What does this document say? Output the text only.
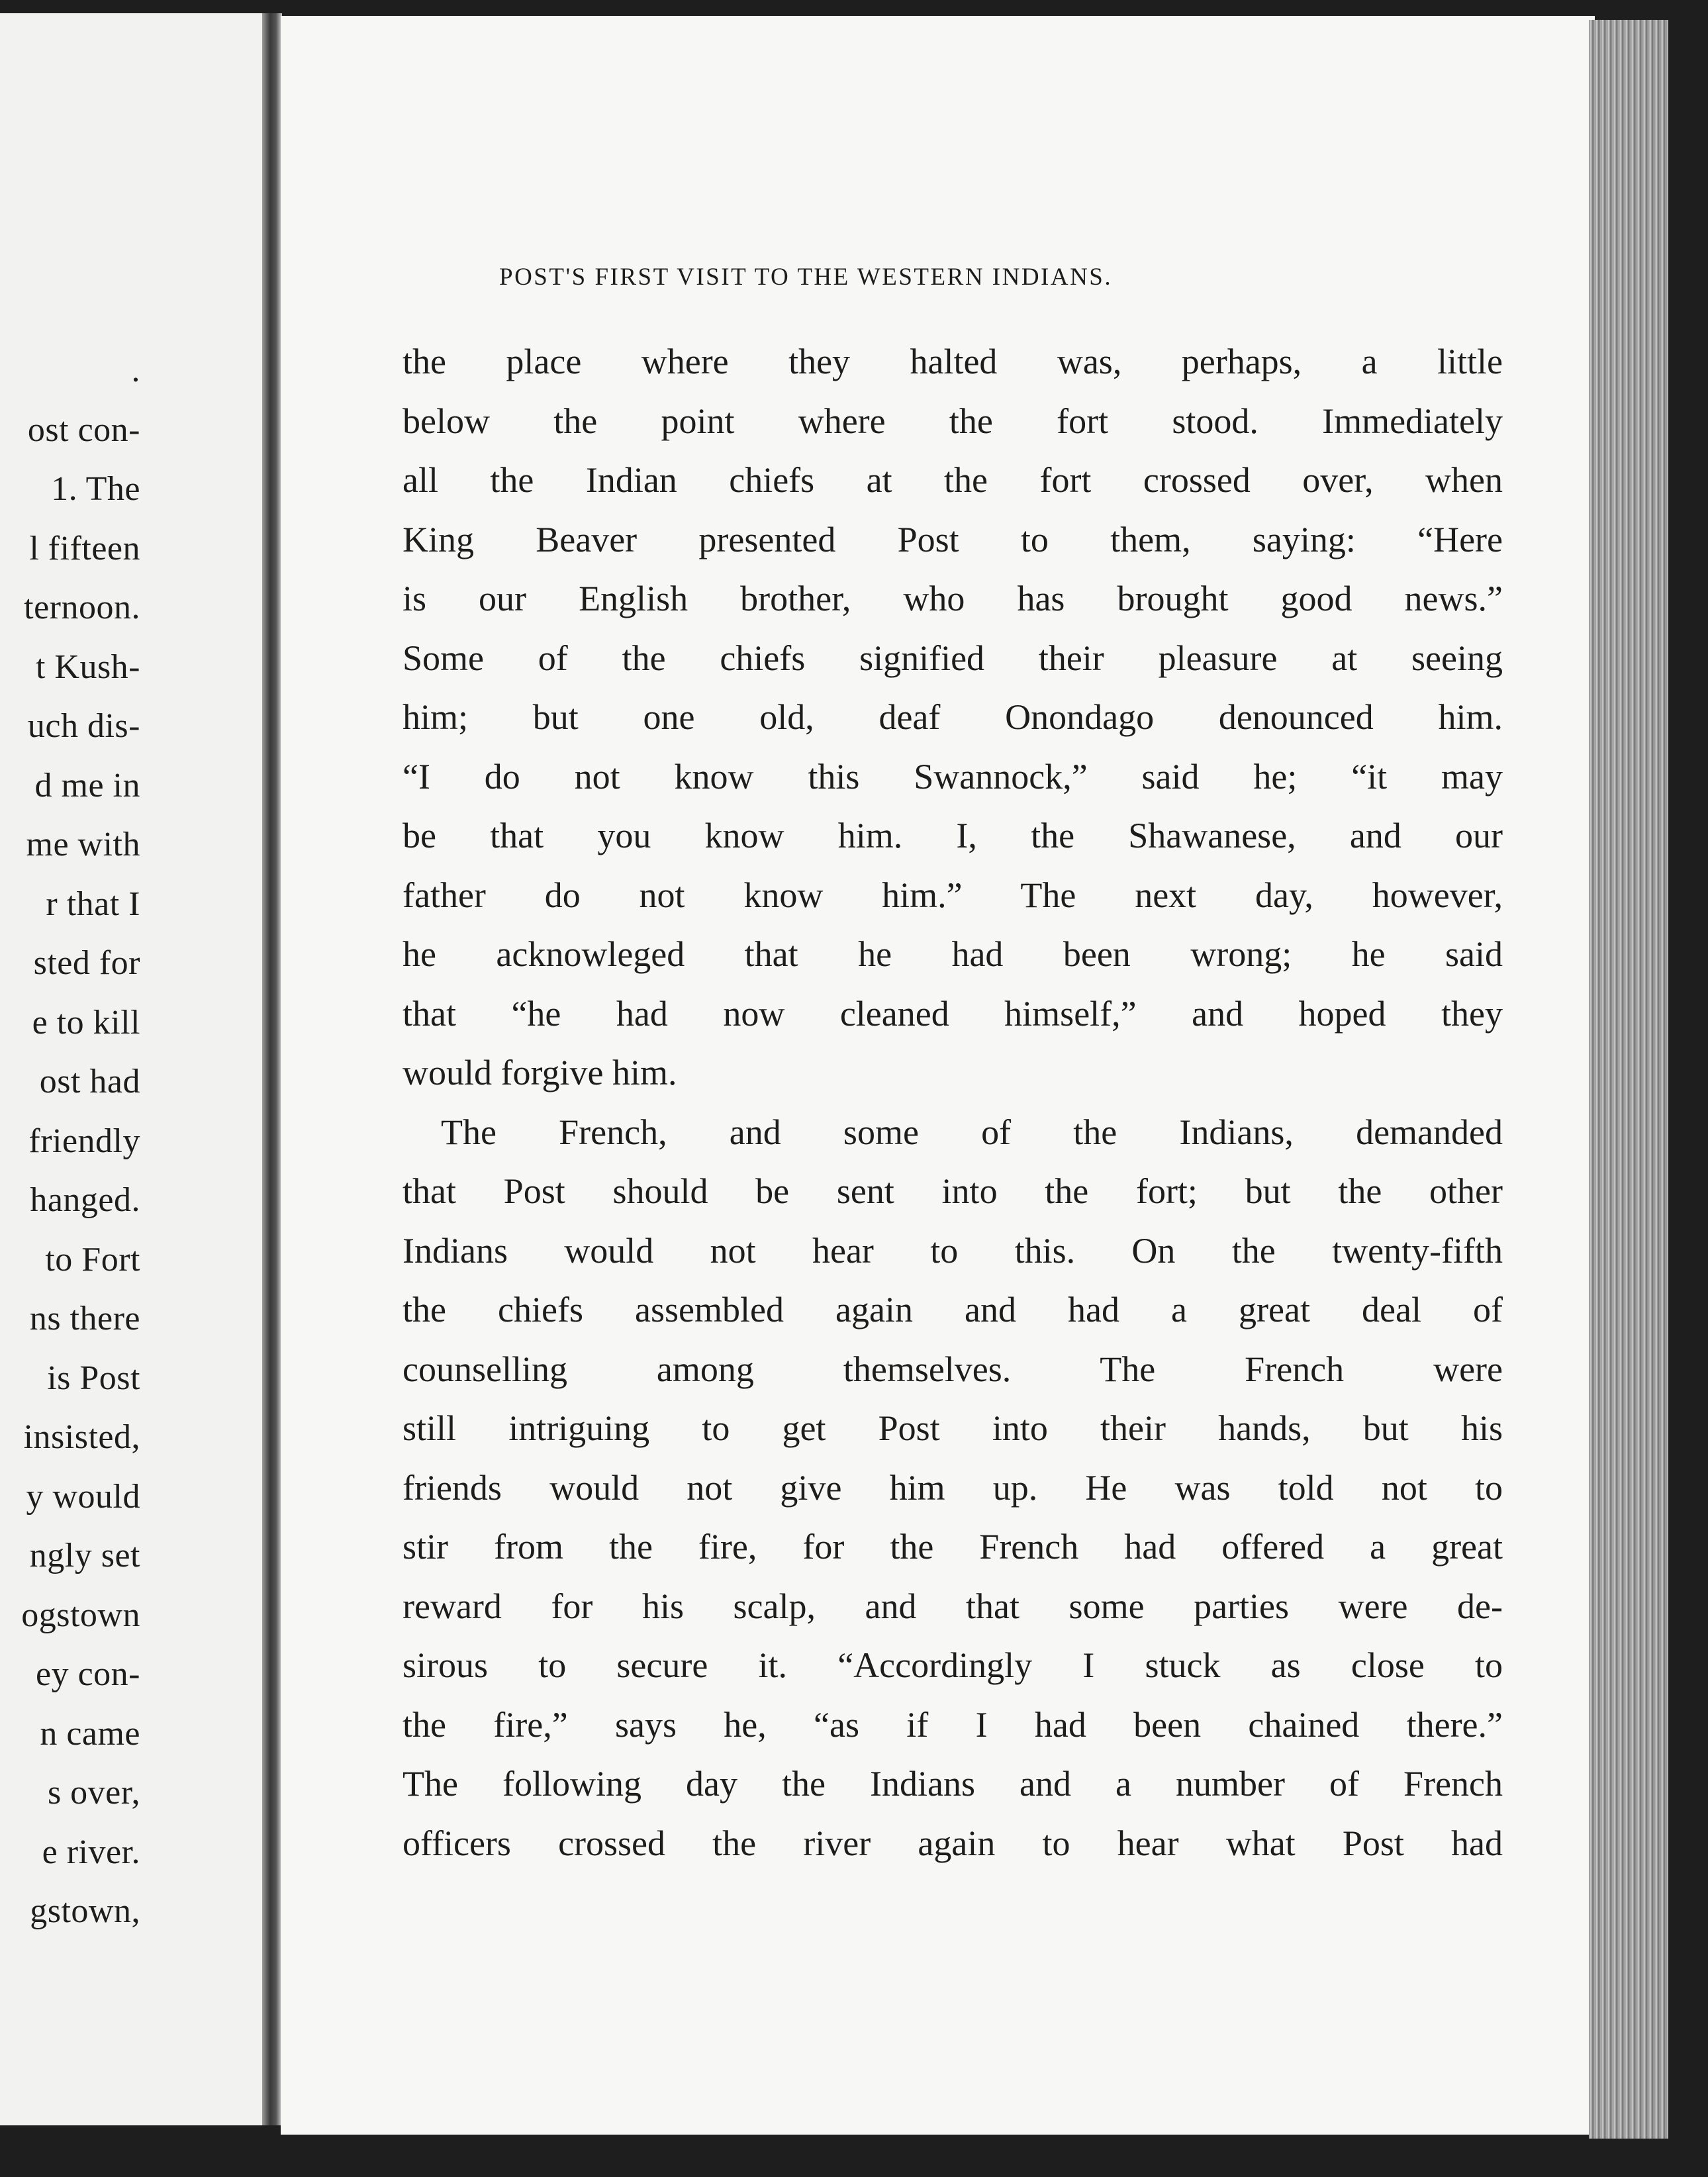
.
ost con-
1. The
l fifteen
ternoon.
t Kush-
uch dis-
d me in
me with
r that I
sted for
e to kill
ost had
friendly
hanged.
to Fort
ns there
is Post
insisted,
y would
ngly set
ogstown
ey con-
n came
s over,
e river.
gstown,
POST'S FIRST VISIT TO THE WESTERN INDIANS.
the place where they halted was, perhaps, a little
below the point where the fort stood. Immediately
all the Indian chiefs at the fort crossed over, when
King Beaver presented Post to them, saying: “Here
is our English brother, who has brought good news.”
Some of the chiefs signified their pleasure at seeing
him; but one old, deaf Onondago denounced him.
“I do not know this Swannock,” said he; “it may
be that you know him. I, the Shawanese, and our
father do not know him.” The next day, however,
he acknowleged that he had been wrong; he said
that “he had now cleaned himself,” and hoped they
would forgive him.
The French, and some of the Indians, demanded
that Post should be sent into the fort; but the other
Indians would not hear to this. On the twenty-fifth
the chiefs assembled again and had a great deal of
counselling among themselves. The French were
still intriguing to get Post into their hands, but his
friends would not give him up. He was told not to
stir from the fire, for the French had offered a great
reward for his scalp, and that some parties were de-
sirous to secure it. “Accordingly I stuck as close to
the fire,” says he, “as if I had been chained there.”
The following day the Indians and a number of French
officers crossed the river again to hear what Post had
